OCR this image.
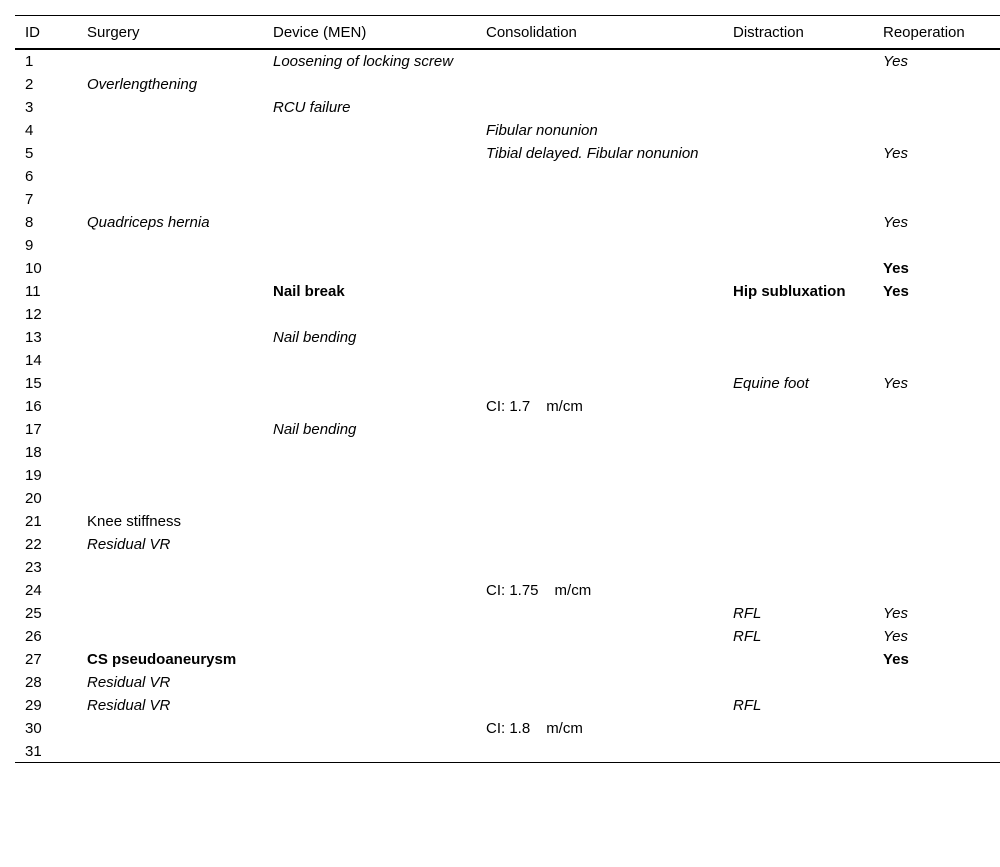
ID	Surgery	Device (MEN)	Consolidation	Distraction	Reoperation
1		Loosening of locking screw			Yes
2	Overlengthening				
3		RCU failure			
4			Fibular nonunion		
5			Tibial delayed. Fibular nonunion		Yes
6					
7					
8	Quadriceps hernia				Yes
9					
10					Yes
11		Nail break		Hip subluxation	Yes
12					
13		Nail bending			
14					
15				Equine foot	Yes
16			CI: 1.7 m/cm		
17		Nail bending			
18					
19					
20					
21	Knee stiffness				
22	Residual VR				
23					
24			CI: 1.75 m/cm		
25				RFL	Yes
26				RFL	Yes
27	CS pseudoaneurysm				Yes
28	Residual VR				
29	Residual VR			RFL	
30			CI: 1.8 m/cm		
31					
